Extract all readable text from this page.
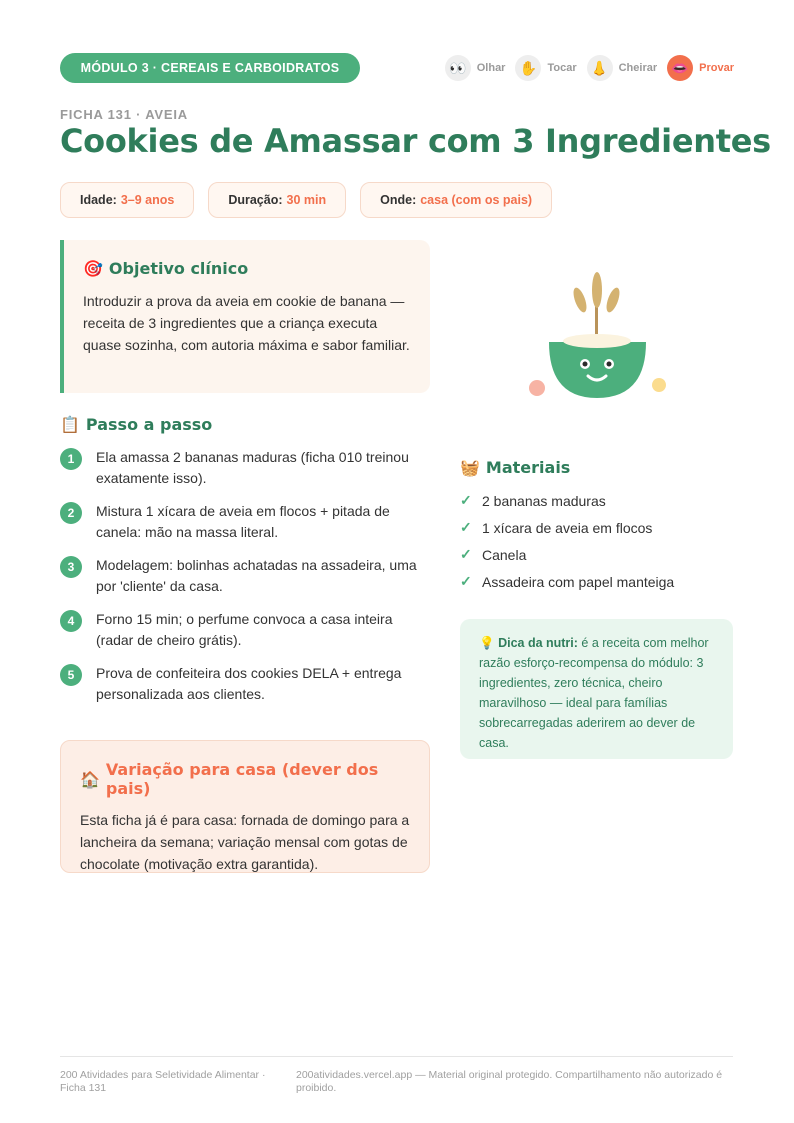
MÓDULO 3 · CEREAIS E CARBOIDRATOS	👀 Olhar	✋ Tocar	👃 Cheirar	👄 Provar
FICHA 131 · AVEIA
Cookies de Amassar com 3 Ingredientes
Idade: 3–9 anos	Duração: 30 min	Onde: casa (com os pais)
🎯 Objetivo clínico

Introduzir a prova da aveia em cookie de banana — receita de 3 ingredientes que a criança executa quase sozinha, com autoria máxima e sabor familiar.

📋 Passo a passo
1	Ela amassa 2 bananas maduras (ficha 010 treinou exatamente isso).
2	Mistura 1 xícara de aveia em flocos + pitada de canela: mão na massa literal.
3	Modelagem: bolinhas achatadas na assadeira, uma por 'cliente' da casa.
4	Forno 15 min; o perfume convoca a casa inteira (radar de cheiro grátis).
5	Prova de confeiteira dos cookies DELA + entrega personalizada aos clientes.
🏠 Variação para casa (dever dos pais)

Esta ficha já é para casa: fornada de domingo para a lancheira da semana; variação mensal com gotas de chocolate (motivação extra garantida).

🧺 Materiais
✓ 2 bananas maduras
✓ 1 xícara de aveia em flocos
✓ Canela
✓ Assadeira com papel manteiga
💡 Dica da nutri: é a receita com melhor razão esforço-recompensa do módulo: 3 ingredientes, zero técnica, cheiro maravilhoso — ideal para famílias sobrecarregadas aderirem ao dever de casa.
200 Atividades para Seletividade Alimentar · Ficha 131
200atividades.vercel.app — Material original protegido. Compartilhamento não autorizado é proibido.
